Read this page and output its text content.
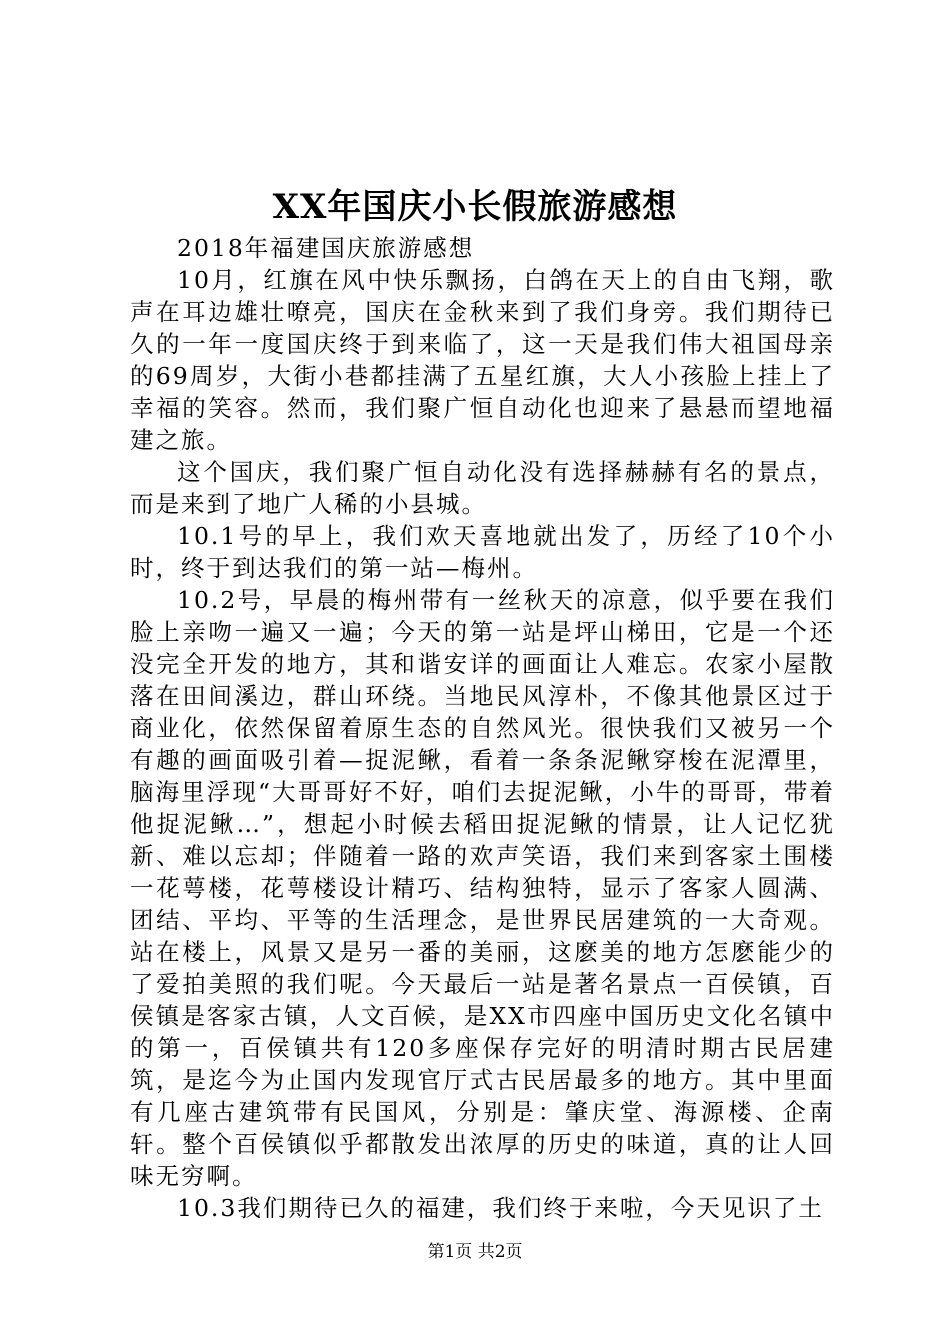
XX年国庆小长假旅游感想

2018年福建国庆旅游感想

10月，红旗在风中快乐飘扬，白鸽在天上的自由飞翔，歌声在耳边雄壮嘹亮，国庆在金秋来到了我们身旁。我们期待已久的一年一度国庆终于到来临了，这一天是我们伟大祖国母亲的69周岁，大街小巷都挂满了五星红旗，大人小孩脸上挂上了幸福的笑容。然而，我们聚广恒自动化也迎来了悬悬而望地福建之旅。

这个国庆，我们聚广恒自动化没有选择赫赫有名的景点，而是来到了地广人稀的小县城。

10.1号的早上，我们欢天喜地就出发了，历经了10个小时，终于到达我们的第一站—梅州。

10.2号，早晨的梅州带有一丝秋天的凉意，似乎要在我们脸上亲吻一遍又一遍；今天的第一站是坪山梯田，它是一个还没完全开发的地方，其和谐安详的画面让人难忘。农家小屋散落在田间溪边，群山环绕。当地民风淳朴，不像其他景区过于商业化，依然保留着原生态的自然风光。很快我们又被另一个有趣的画面吸引着—捉泥鳅，看着一条条泥鳅穿梭在泥潭里，脑海里浮现“大哥哥好不好，咱们去捉泥鳅，小牛的哥哥，带着他捉泥鳅…”，想起小时候去稻田捉泥鳅的情景，让人记忆犹新、难以忘却；伴随着一路的欢声笑语，我们来到客家土围楼一花萼楼，花萼楼设计精巧、结构独特，显示了客家人圆满、团结、平均、平等的生活理念，是世界民居建筑的一大奇观。站在楼上，风景又是另一番的美丽，这麽美的地方怎麽能少的了爱拍美照的我们呢。今天最后一站是著名景点一百侯镇，百侯镇是客家古镇，人文百候，是XX市四座中国历史文化名镇中的第一，百侯镇共有120多座保存完好的明清时期古民居建筑，是迄今为止国内发现官厅式古民居最多的地方。其中里面有几座古建筑带有民国风，分别是：肇庆堂、海源楼、企南轩。整个百侯镇似乎都散发出浓厚的历史的味道，真的让人回味无穷啊。

10.3我们期待已久的福建，我们终于来啦，今天见识了土

第1页 共2页
